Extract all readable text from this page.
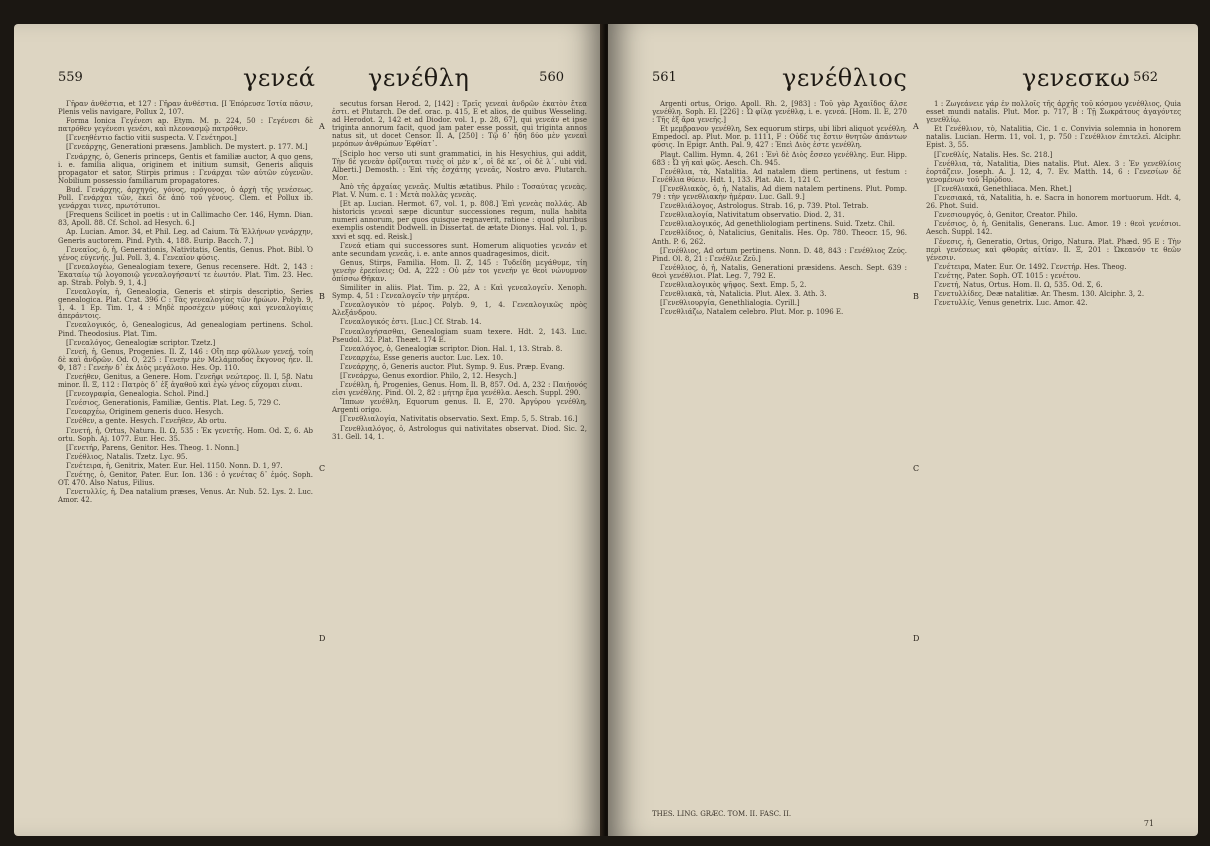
559	γενεά γενέθλη	560

Γῆραν ἀνθέστια, et 127 : Γῆραν ἀνθέστια. [Ι Ἐπόρευσε Ἰστία πᾶσιν, Plenis velis navigare, Pollux 2, 107.

Forma Ionica Γεγένεσι ap. Etym. M. p. 224, 50 : Γεγένεσι δὲ πατρόθεν γεγένεσι γενέσι, καὶ πλεονασμῷ πατρόθεν.

[Γενεηθέντιο factio vitii suspecta. V. Γενέτηροι.]

[Γενεάρχης, Generationi præsens. Jamblich. De mystert. p. 177. M.]

Γενάρχης, ὁ, Generis princeps, Gentis et familiæ auctor, A quo gens, i. e. familia aliqua, originem et initium sumsit, Generis aliquis propagator et sator, Stirpis primus : Γενάρχαι τῶν αὐτῶν εὐγενῶν. Nobilium possessio familiarum propagatores.

Bud. Γενάρχης, ἀρχηγός, γόνος, πρόγονος, ὁ ἀρχὴ τῆς γενέσεως. Poll. Γενάρχαι τῶν, ἐκεῖ δὲ ἀπὸ τοῦ γένους. Clem. et Pollux ib. γενάρχαι τινες, πρωτότυποι.

[Frequens Scilicet in poetis : ut in Callimacho Cer. 146, Hymn. Dian. 83, Apoll. 88. Cf. Schol. ad Hesych. 6.]

Ap. Lucian. Amor. 34, et Phil. Leg. ad Caium. Τὰ Ἑλλήνων γενάρχην, Generis auctorem. Pind. Pyth. 4, 188. Eurip. Bacch. 7.]

Γενεαῖος, ὁ, ἡ, Generationis, Nativitatis, Gentis, Genus. Phot. Bibl. Ὁ γένος εὐγενής. Jul. Poll. 3, 4. Γενεαῖον φύσις.

[Γενεαλογέω, Genealogiam texere, Genus recensere. Hdt. 2, 143 : Ἑκαταίῳ τῷ λογοποιῷ γενεαλογήσαντί τε ἑωυτόν. Plat. Tim. 23. Hec. ap. Strab. Polyb. 9, 1, 4.]

Γενεαλογία, ἡ, Genealogia, Generis et stirpis descriptio, Series genealogica. Plat. Crat. 396 C : Τὰς γενεαλογίας τῶν ἡρώων. Polyb. 9, 1, 4. 1 Ep. Tim. 1, 4 : Μηδὲ προσέχειν μύθοις καὶ γενεαλογίαις ἀπεράντοις.

Γενεαλογικός, ὁ, Genealogicus, Ad genealogiam pertinens. Schol. Pind. Theodosius. Plat. Tim.

[Γενεαλόγος, Genealogiæ scriptor. Tzetz.]

Γενεή, ἡ, Genus, Progenies. Il. Ζ, 146 : Οἵη περ φύλλων γενεή, τοίη δὲ καὶ ἀνδρῶν. Od. Ο, 225 : Γενεὴν μὲν Μελάμποδος ἔκγονος ἦεν. Il. Φ, 187 : Γενεὴν δ᾽ ἐκ Διὸς μεγάλοιο. Hes. Op. 110.

Γενεήθεν, Genitus, a Genere. Hom. Γενεῆφι νεώτερος. Il. Ι, 58. Natu minor. Il. Ξ, 112 : Πατρὸς δ᾽ ἐξ ἀγαθοῦ καὶ ἐγὼ γένος εὔχομαι εἶναι.

[Γενεογραφία, Genealogia. Schol. Pind.]

Γενέσιος, Generationis, Familiæ, Gentis. Plat. Leg. 5, 729 C.

Γενεαρχέω, Originem generis duco. Hesych.

Γενέθεν, a gente. Hesych. Γενεῆθεν, Ab ortu.

Γενετή, ἡ, Ortus, Natura. Il. Ω, 535 : Ἐκ γενετῆς. Hom. Od. Σ, 6. Ab ortu. Soph. Aj. 1077. Eur. Hec. 35.

[Γενετήρ, Parens, Genitor. Hes. Theog. 1. Nonn.]

Γενέθλιος, Natalis. Tzetz. Lyc. 95.

Γενέτειρα, ἡ, Genitrix, Mater. Eur. Hel. 1150. Nonn. D. 1, 97.

Γενέτης, ὁ, Genitor, Pater. Eur. Ion. 136 : ὁ γενέτας δ᾽ ἐμός. Soph. OT. 470. Also Natus, Filius.

Γενετυλλίς, ἡ, Dea natalium præses, Venus. Ar. Nub. 52. Lys. 2. Luc. Amor. 42.

A
B
C
D

secutus forsan Herod. 2, [142] : Τρεῖς γενεαὶ ἀνδρῶν ἑκατὸν ἔτεα ἐστι. et Plutarch. De def. orac. p. 415, E et alios, de quibus Wesseling. ad Herodot. 2, 142 et ad Diodor. vol. 1, p. 28, 67], qui γενεάν et ipse triginta annorum facit, quod jam pater esse possit, qui triginta annos natus sit, ut docet Censor. II. A, [250] : Τῷ δ᾽ ἤδη δύο μὲν γενεαὶ μερόπων ἀνθρώπων Ἐφθίατ᾽.

[Sciplo hoc verso uti sunt grammatici, in his Hesychius, qui addit, Τὴν δὲ γενεὰν ὁρίζονται τινὲς οἱ μὲν κ΄, οἱ δὲ κε΄, οἱ δὲ λ΄. ubi vid. Alberti.] Demosth. : Ἐπὶ τῆς ἐσχάτης γενεᾶς, Nostro ævo. Plutarch. Mor.

Ἀπὸ τῆς ἀρχαίας γενεᾶς. Multis ætatibus. Philo : Τοσαύτας γενεὰς. Plat. V. Num. c. 1 : Μετὰ πολλὰς γενεὰς.

[Et ap. Lucian. Hermot. 67, vol. 1, p. 808.] Ἐπὶ γενεὰς πολλάς. Ab historicis γενεαὶ sæpe dicuntur successiones regum, nulla habita numeri annorum, per quos quisque regnaverit, ratione : quod pluribus exemplis ostendit Dodwell. in Dissertat. de ætate Dionys. Hal. vol. 1, p. xxvi et sqq. ed. Reisk.]

Γενεά etiam qui successores sunt. Homerum aliquoties γενεάν et ante secundam γενεᾶς, i. e. ante annos quadragesimos, dicit.

Genus, Stirps, Familia. Hom. Il. Ζ, 145 : Τυδείδη μεγάθυμε, τίη γενεὴν ἐρεείνεις; Od. Α, 222 : Οὐ μέν τοι γενεήν γε θεοὶ νώνυμνον ὀπίσσω Θῆκαν.

Similiter in aliis. Plat. Tim. p. 22, A : Καὶ γενεαλογεῖν. Xenoph. Symp. 4, 51 : Γενεαλογεῖν τὴν μητέρα.

Γενεαλογικὸν τὸ μέρος. Polyb. 9, 1, 4. Γενεαλογικῶς πρὸς Ἀλεξάνδρου.

Γενεαλογικός ἐστι. [Luc.] Cf. Strab. 14.

Γενεαλογήσασθαι, Genealogiam suam texere. Hdt. 2, 143. Luc. Pseudol. 32. Plat. Theæt. 174 E.

Γενεαλόγος, ὁ, Genealogiæ scriptor. Dion. Hal. 1, 13. Strab. 8.

Γενεαρχέω, Esse generis auctor. Luc. Lex. 10.

Γενεάρχης, ὁ, Generis auctor. Plut. Symp. 9. Eus. Præp. Evang.

[Γενεάρχω, Genus exordior. Philo, 2, 12. Hesych.]

Γενέθλη, ἡ, Progenies, Genus. Hom. Il. Β, 857. Od. Δ, 232 : Παιήονός εἰσι γενέθλης. Pind. Ol. 2, 82 : μήτηρ ἔμα γενέθλα. Aesch. Suppl. 290.

Ἵππων γενέθλη, Equorum genus. Il. Ε, 270. Ἀργύρου γενέθλη, Argenti origo.

[Γενεθλιαλογία, Nativitatis observatio. Sext. Emp. 5, 5. Strab. 16.]

Γενεθλιαλόγος, ὁ, Astrologus qui nativitates observat. Diod. Sic. 2, 31. Gell. 14, 1.

561	γενέθλιος	γενεσκω 562

Argenti ortus, Origo. Apoll. Rh. 2, [983] : Τοῦ γὰρ Ἀχαιῖδος ἄλσε γενέθλη. Soph. El. [226] : Ὦ φίλᾳ γενέθλᾳ, i. e. γενεά. [Hom. Il. Ε, 270 : Τῆς ἐξ ἄρα γενεῆς.]

Et μεμβρανον γενέθλη, Sex equorum stirps, ubi libri aliquot γενέθλη. Empedocl. ap. Plut. Mor. p. 1111, F : Οὐδέ τις ἔστιν θνητῶν ἁπάντων φύσις. In Epigr. Anth. Pal. 9, 427 : Ἐπεὶ Διὸς ἐστε γενέθλη.

Plaut. Callim. Hymn. 4, 261 : Ἑνὶ δὲ Διὸς ἔσσεο γενέθλης. Eur. Hipp. 683 : Ὦ γῆ καὶ φῶς. Aesch. Ch. 945.

Γενέθλια, τὰ, Natalitia. Ad natalem diem pertinens, ut festum : Γενέθλια θύειν. Hdt. 1, 133. Plat. Alc. 1, 121 C.

[Γενεθλιακὸς, ὁ, ἡ, Natalis, Ad diem natalem pertinens. Plut. Pomp. 79 : τὴν γενεθλιακὴν ἡμέραν. Luc. Gall. 9.]

Γενεθλιάλογος, Astrologus. Strab. 16, p. 739. Ptol. Tetrab.

Γενεθλιαλογία, Nativitatum observatio. Diod. 2, 31.

Γενεθλιαλογικός, Ad genethliologiam pertinens. Suid. Tzetz. Chil.

Γενεθλίδιος, ὁ, Natalicius, Genitalis. Hes. Op. 780. Theocr. 15, 96. Anth. P. 6, 262.

[Γενέθλιος, Ad ortum pertinens. Nonn. D. 48, 843 : Γενέθλιος Ζεύς. Pind. Ol. 8, 21 : Γενέθλιε Ζεῦ.]

Γενέθλιος, ὁ, ἡ, Natalis, Generationi præsidens. Aesch. Sept. 639 : θεοὶ γενέθλιοι. Plat. Leg. 7, 792 E.

Γενεθλιαλογικὸς ψῆφος. Sext. Emp. 5, 2.

Γενεθλιακὰ, τὰ, Natalicia. Plut. Alex. 3. Ath. 3.

[Γενεθλιουργία, Genethlialogia. Cyrill.]

Γενεθλιάζω, Natalem celebro. Plut. Mor. p. 1096 E.

A
B
C
D

1 : Ζωγεάνειε γάρ ἐν πολλοῖς τῆς ἀρχῆς τοῦ κόσμου γενέθλιος, Quia esset mundi natalis. Plut. Mor. p. 717, B : Τῇ Σωκράτους ἀγαγόντες γενεθλίῳ.

Et Γενέθλιον, τὸ, Natalitia, Cic. 1 c. Convivia solemnia in honorem natalis. Lucian. Herm. 11, vol. 1, p. 750 : Γενέθλιον ἐπιτελεῖ. Alciphr. Epist. 3, 55.

[Γενεθλίς, Natalis. Hes. Sc. 218.]

Γενέθλια, τὰ, Natalitia, Dies natalis. Plut. Alex. 3 : Ἐν γενεθλίοις ἑορτάζειν. Joseph. A. J. 12, 4, 7. Ev. Matth. 14, 6 : Γενεσίων δὲ γενομένων τοῦ Ἡρῴδου.

[Γενεθλιακά, Genethliaca. Men. Rhet.]

Γενεσιακά, τά, Natalitia, h. e. Sacra in honorem mortuorum. Hdt. 4, 26. Phot. Suid.

Γενεσιουργός, ὁ, Genitor, Creator. Philo.

Γενέσιος, ὁ, ἡ, Genitalis, Generans. Luc. Amor. 19 : θεοὶ γενέσιοι. Aesch. Suppl. 142.

Γένεσις, ἡ, Generatio, Ortus, Origo, Natura. Plat. Phæd. 95 E : Τὴν περὶ γενέσεως καὶ φθορᾶς αἰτίαν. Il. Ξ, 201 : Ὠκεανόν τε θεῶν γένεσιν.

Γενέτειρα, Mater. Eur. Or. 1492. Γενετήρ. Hes. Theog.

Γενέτης, Pater. Soph. OT. 1015 : γενέτου.

Γενετή, Natus, Ortus. Hom. Il. Ω, 535. Od. Σ, 6.

Γενετυλλίδες, Deæ natalitiæ. Ar. Thesm. 130. Alciphr. 3, 2.

Γενετυλλίς, Venus genetrix. Luc. Amor. 42.

THES. LING. GRÆC. TOM. II. FASC. II.
71
